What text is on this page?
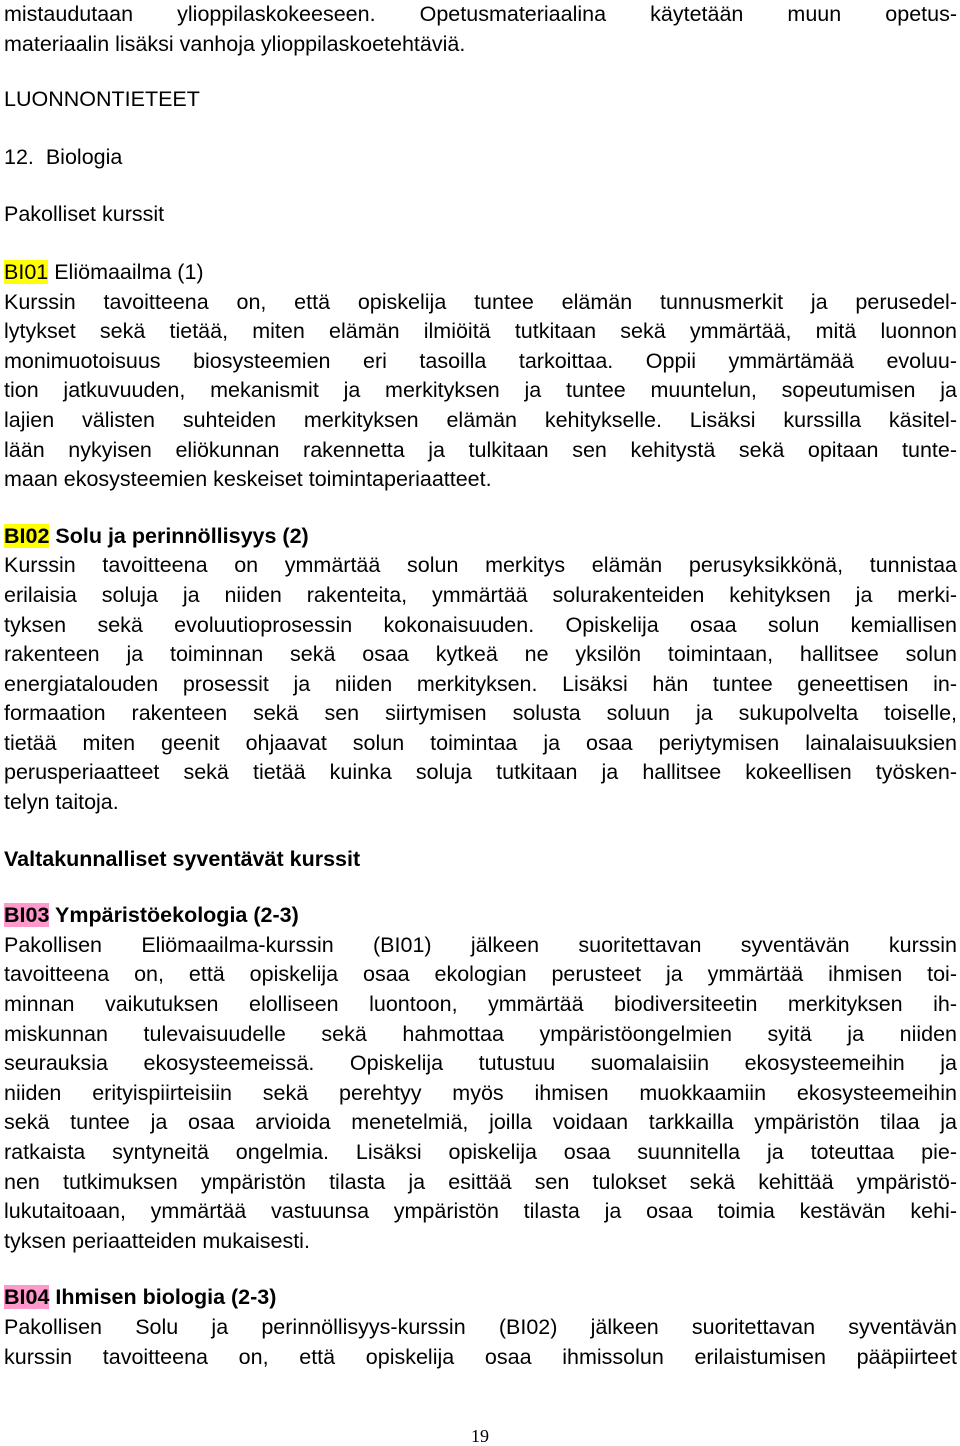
mistaudutaan ylioppilaskokeeseen. Opetusmateriaalina käytetään muun opetus-
materiaalin lisäksi vanhoja ylioppilaskoetehtäviä.
LUONNONTIETEET
12. Biologia
Pakolliset kurssit
BI01 Eliömaailma (1)
Kurssin tavoitteena on, että opiskelija tuntee elämän tunnusmerkit ja perusedel-
lytykset sekä tietää, miten elämän ilmiöitä tutkitaan sekä ymmärtää, mitä luonnon
monimuotoisuus biosysteemien eri tasoilla tarkoittaa. Oppii ymmärtämää evoluu-
tion jatkuvuuden, mekanismit ja merkityksen ja tuntee muuntelun, sopeutumisen ja
lajien välisten suhteiden merkityksen elämän kehitykselle. Lisäksi kurssilla käsitel-
lään nykyisen eliökunnan rakennetta ja tulkitaan sen kehitystä sekä opitaan tunte-
maan ekosysteemien keskeiset toimintaperiaatteet.
BI02 Solu ja perinnöllisyys (2)
Kurssin tavoitteena on ymmärtää solun merkitys elämän perusyksikkönä, tunnistaa
erilaisia soluja ja niiden rakenteita, ymmärtää solurakenteiden kehityksen ja merki-
tyksen sekä evoluutioprosessin kokonaisuuden. Opiskelija osaa solun kemiallisen
rakenteen ja toiminnan sekä osaa kytkeä ne yksilön toimintaan, hallitsee solun
energiatalouden prosessit ja niiden merkityksen. Lisäksi hän tuntee geneettisen in-
formaation rakenteen sekä sen siirtymisen solusta soluun ja sukupolvelta toiselle,
tietää miten geenit ohjaavat solun toimintaa ja osaa periytymisen lainalaisuuksien
perusperiaatteet sekä tietää kuinka soluja tutkitaan ja hallitsee kokeellisen työsken-
telyn taitoja.
Valtakunnalliset syventävät kurssit
BI03 Ympäristöekologia (2-3)
Pakollisen Eliömaailma-kurssin (BI01) jälkeen suoritettavan syventävän kurssin
tavoitteena on, että opiskelija osaa ekologian perusteet ja ymmärtää ihmisen toi-
minnan vaikutuksen elolliseen luontoon, ymmärtää biodiversiteetin merkityksen ih-
miskunnan tulevaisuudelle sekä hahmottaa ympäristöongelmien syitä ja niiden
seurauksia ekosysteemeissä. Opiskelija tutustuu suomalaisiin ekosysteemeihin ja
niiden erityispiirteisiin sekä perehtyy myös ihmisen muokkaamiin ekosysteemeihin
sekä tuntee ja osaa arvioida menetelmiä, joilla voidaan tarkkailla ympäristön tilaa ja
ratkaista syntyneitä ongelmia. Lisäksi opiskelija osaa suunnitella ja toteuttaa pie-
nen tutkimuksen ympäristön tilasta ja esittää sen tulokset sekä kehittää ympäristö-
lukutaitoaan, ymmärtää vastuunsa ympäristön tilasta ja osaa toimia kestävän kehi-
tyksen periaatteiden mukaisesti.
BI04 Ihmisen biologia (2-3)
Pakollisen Solu ja perinnöllisyys-kurssin (BI02) jälkeen suoritettavan syventävän
kurssin tavoitteena on, että opiskelija osaa ihmissolun erilaistumisen pääpiirteet
19
